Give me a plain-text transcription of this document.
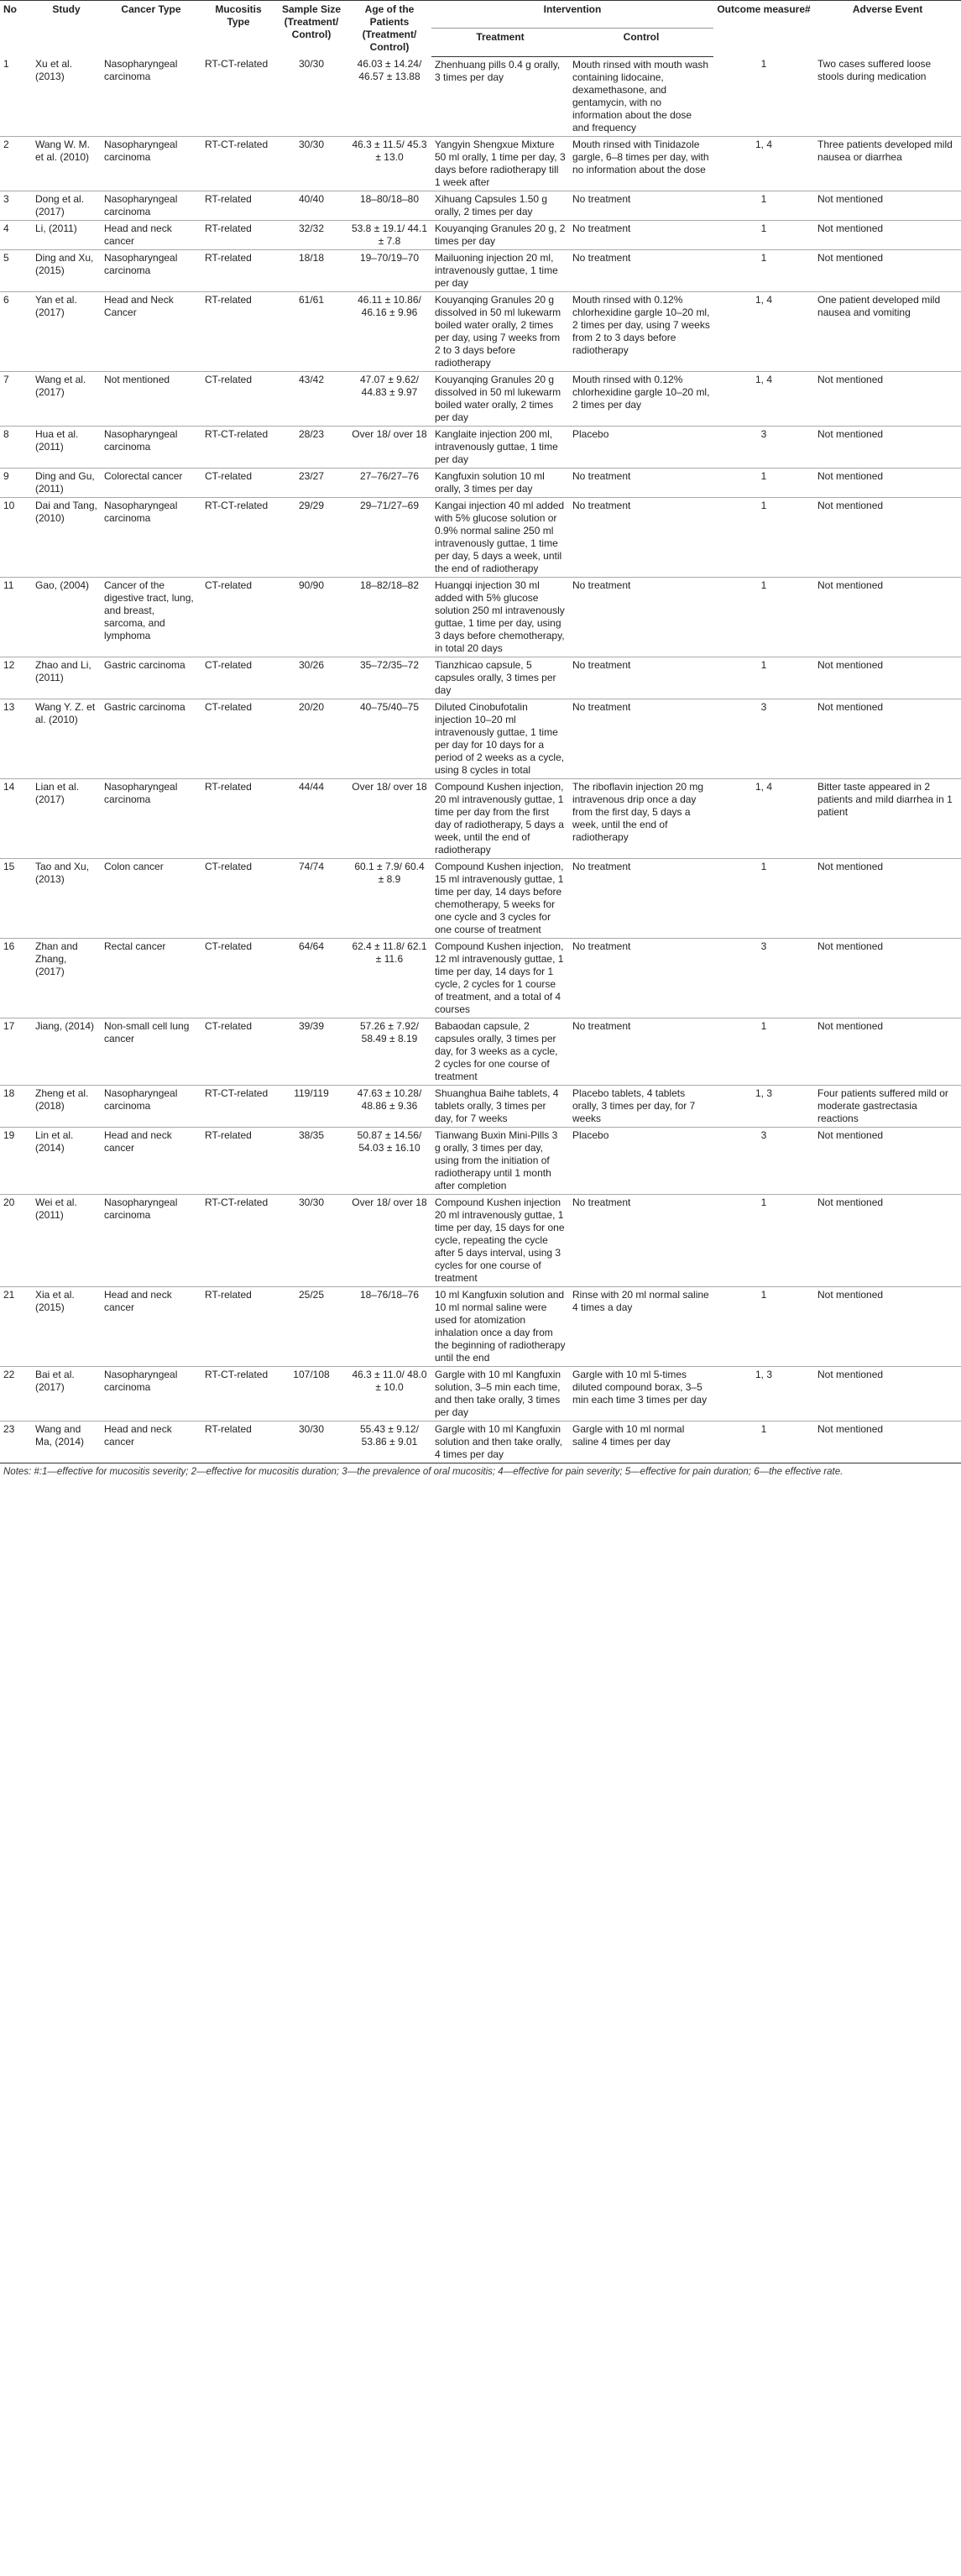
No	Study	Cancer Type	Mucositis Type	Sample Size (Treatment/ Control)	Age of the Patients (Treatment/ Control)	Intervention		Outcome measure#	Adverse Event
						Treatment	Control		
1	Xu et al. (2013)	Nasopharyngeal carcinoma	RT-CT-related	30/30	46.03 ± 14.24/ 46.57 ± 13.88	Zhenhuang pills 0.4 g orally, 3 times per day	Mouth rinsed with mouth wash containing lidocaine, dexamethasone, and gentamycin, with no information about the dose and frequency	1	Two cases suffered loose stools during medication
2	Wang W. M. et al. (2010)	Nasopharyngeal carcinoma	RT-CT-related	30/30	46.3 ± 11.5/ 45.3 ± 13.0	Yangyin Shengxue Mixture 50 ml orally, 1 time per day, 3 days before radiotherapy till 1 week after	Mouth rinsed with Tinidazole gargle, 6–8 times per day, with no information about the dose	1, 4	Three patients developed mild nausea or diarrhea
3	Dong et al. (2017)	Nasopharyngeal carcinoma	RT-related	40/40	18–80/18–80	Xihuang Capsules 1.50 g orally, 2 times per day	No treatment	1	Not mentioned
4	Li, (2011)	Head and neck cancer	RT-related	32/32	53.8 ± 19.1/ 44.1 ± 7.8	Kouyanqing Granules 20 g, 2 times per day	No treatment	1	Not mentioned
5	Ding and Xu, (2015)	Nasopharyngeal carcinoma	RT-related	18/18	19–70/19–70	Mailuoning injection 20 ml, intravenously guttae, 1 time per day	No treatment	1	Not mentioned
6	Yan et al. (2017)	Head and Neck Cancer	RT-related	61/61	46.11 ± 10.86/ 46.16 ± 9.96	Kouyanqing Granules 20 g dissolved in 50 ml lukewarm boiled water orally, 2 times per day, using 7 weeks from 2 to 3 days before radiotherapy	Mouth rinsed with 0.12% chlorhexidine gargle 10–20 ml, 2 times per day, using 7 weeks from 2 to 3 days before radiotherapy	1, 4	One patient developed mild nausea and vomiting
7	Wang et al. (2017)	Not mentioned	CT-related	43/42	47.07 ± 9.62/ 44.83 ± 9.97	Kouyanqing Granules 20 g dissolved in 50 ml lukewarm boiled water orally, 2 times per day	Mouth rinsed with 0.12% chlorhexidine gargle 10–20 ml, 2 times per day	1, 4	Not mentioned
8	Hua et al. (2011)	Nasopharyngeal carcinoma	RT-CT-related	28/23	Over 18/ over 18	Kanglaite injection 200 ml, intravenously guttae, 1 time per day	Placebo	3	Not mentioned
9	Ding and Gu, (2011)	Colorectal cancer	CT-related	23/27	27–76/27–76	Kangfuxin solution 10 ml orally, 3 times per day	No treatment	1	Not mentioned
10	Dai and Tang, (2010)	Nasopharyngeal carcinoma	RT-CT-related	29/29	29–71/27–69	Kangai injection 40 ml added with 5% glucose solution or 0.9% normal saline 250 ml intravenously guttae, 1 time per day, 5 days a week, until the end of radiotherapy	No treatment	1	Not mentioned
11	Gao, (2004)	Cancer of the digestive tract, lung, and breast, sarcoma, and lymphoma	CT-related	90/90	18–82/18–82	Huangqi injection 30 ml added with 5% glucose solution 250 ml intravenously guttae, 1 time per day, using 3 days before chemotherapy, in total 20 days	No treatment	1	Not mentioned
12	Zhao and Li, (2011)	Gastric carcinoma	CT-related	30/26	35–72/35–72	Tianzhicao capsule, 5 capsules orally, 3 times per day	No treatment	1	Not mentioned
13	Wang Y. Z. et al. (2010)	Gastric carcinoma	CT-related	20/20	40–75/40–75	Diluted Cinobufotalin injection 10–20 ml intravenously guttae, 1 time per day for 10 days for a period of 2 weeks as a cycle, using 8 cycles in total	No treatment	3	Not mentioned
14	Lian et al. (2017)	Nasopharyngeal carcinoma	RT-related	44/44	Over 18/ over 18	Compound Kushen injection, 20 ml intravenously guttae, 1 time per day from the first day of radiotherapy, 5 days a week, until the end of radiotherapy	The riboflavin injection 20 mg intravenous drip once a day from the first day, 5 days a week, until the end of radiotherapy	1, 4	Bitter taste appeared in 2 patients and mild diarrhea in 1 patient
15	Tao and Xu, (2013)	Colon cancer	CT-related	74/74	60.1 ± 7.9/ 60.4 ± 8.9	Compound Kushen injection, 15 ml intravenously guttae, 1 time per day, 14 days before chemotherapy, 5 weeks for one cycle and 3 cycles for one course of treatment	No treatment	1	Not mentioned
16	Zhan and Zhang, (2017)	Rectal cancer	CT-related	64/64	62.4 ± 11.8/ 62.1 ± 11.6	Compound Kushen injection, 12 ml intravenously guttae, 1 time per day, 14 days for 1 cycle, 2 cycles for 1 course of treatment, and a total of 4 courses	No treatment	3	Not mentioned
17	Jiang, (2014)	Non-small cell lung cancer	CT-related	39/39	57.26 ± 7.92/ 58.49 ± 8.19	Babaodan capsule, 2 capsules orally, 3 times per day, for 3 weeks as a cycle, 2 cycles for one course of treatment	No treatment	1	Not mentioned
18	Zheng et al. (2018)	Nasopharyngeal carcinoma	RT-CT-related	119/119	47.63 ± 10.28/ 48.86 ± 9.36	Shuanghua Baihe tablets, 4 tablets orally, 3 times per day, for 7 weeks	Placebo tablets, 4 tablets orally, 3 times per day, for 7 weeks	1, 3	Four patients suffered mild or moderate gastrectasia reactions
19	Lin et al. (2014)	Head and neck cancer	RT-related	38/35	50.87 ± 14.56/ 54.03 ± 16.10	Tianwang Buxin Mini-Pills 3 g orally, 3 times per day, using from the initiation of radiotherapy until 1 month after completion	Placebo	3	Not mentioned
20	Wei et al. (2011)	Nasopharyngeal carcinoma	RT-CT-related	30/30	Over 18/ over 18	Compound Kushen injection 20 ml intravenously guttae, 1 time per day, 15 days for one cycle, repeating the cycle after 5 days interval, using 3 cycles for one course of treatment	No treatment	1	Not mentioned
21	Xia et al. (2015)	Head and neck cancer	RT-related	25/25	18–76/18–76	10 ml Kangfuxin solution and 10 ml normal saline were used for atomization inhalation once a day from the beginning of radiotherapy until the end	Rinse with 20 ml normal saline 4 times a day	1	Not mentioned
22	Bai et al. (2017)	Nasopharyngeal carcinoma	RT-CT-related	107/108	46.3 ± 11.0/ 48.0 ± 10.0	Gargle with 10 ml Kangfuxin solution, 3–5 min each time, and then take orally, 3 times per day	Gargle with 10 ml 5-times diluted compound borax, 3–5 min each time 3 times per day	1, 3	Not mentioned
23	Wang and Ma, (2014)	Head and neck cancer	RT-related	30/30	55.43 ± 9.12/ 53.86 ± 9.01	Gargle with 10 ml Kangfuxin solution and then take orally, 4 times per day	Gargle with 10 ml normal saline 4 times per day	1	Not mentioned
Notes: #:1—effective for mucositis severity; 2—effective for mucositis duration; 3—the prevalence of oral mucositis; 4—effective for pain severity; 5—effective for pain duration; 6—the effective rate.
